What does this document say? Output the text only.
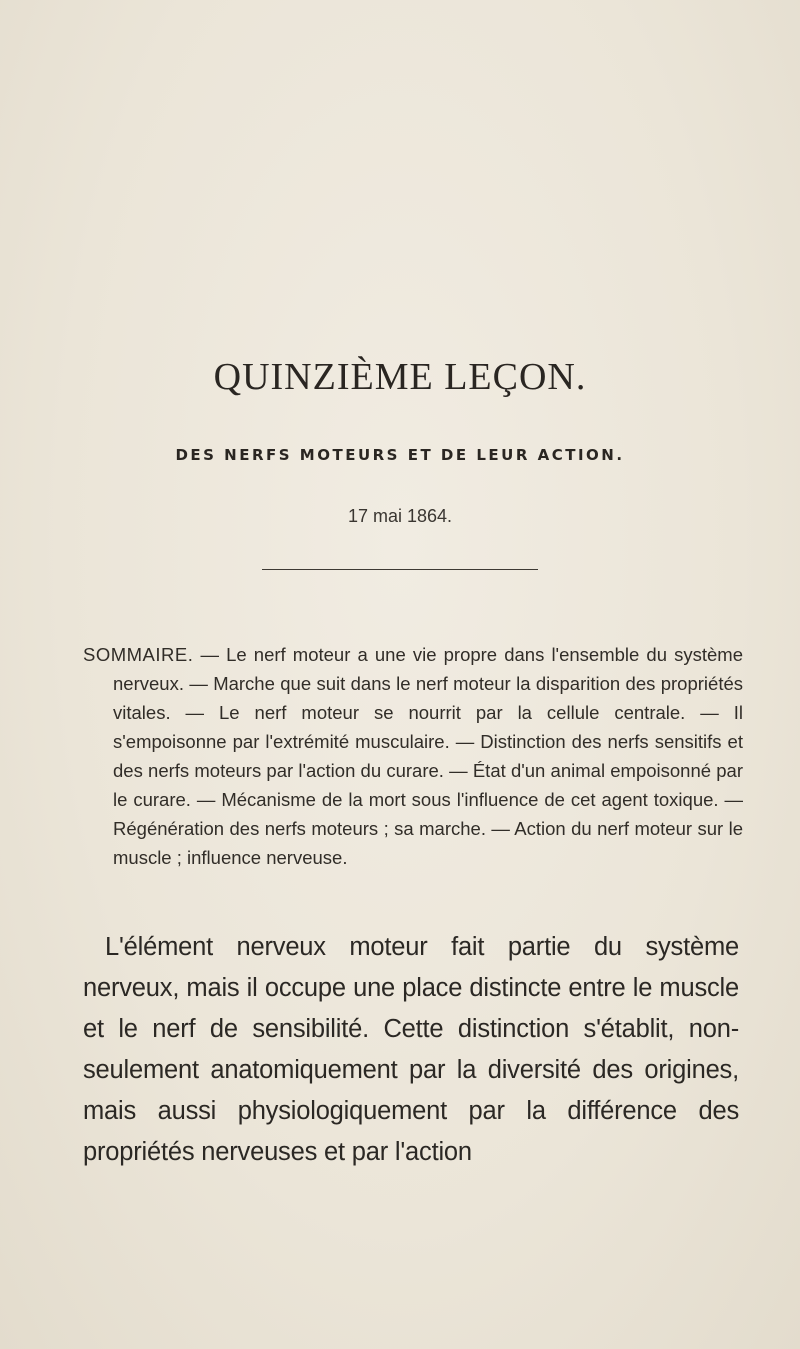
QUINZIÈME LEÇON.
DES NERFS MOTEURS ET DE LEUR ACTION.
17 mai 1864.
SOMMAIRE. — Le nerf moteur a une vie propre dans l'ensemble du système nerveux. — Marche que suit dans le nerf moteur la disparition des propriétés vitales. — Le nerf moteur se nourrit par la cellule centrale. — Il s'empoisonne par l'extrémité musculaire. — Distinction des nerfs sensitifs et des nerfs moteurs par l'action du curare. — État d'un animal empoisonné par le curare. — Mécanisme de la mort sous l'influence de cet agent toxique. — Régénération des nerfs moteurs ; sa marche. — Action du nerf moteur sur le muscle ; influence nerveuse.
L'élément nerveux moteur fait partie du système nerveux, mais il occupe une place distincte entre le muscle et le nerf de sensibilité. Cette distinction s'établit, non-seulement anatomiquement par la diversité des origines, mais aussi physiologiquement par la différence des propriétés nerveuses et par l'action
